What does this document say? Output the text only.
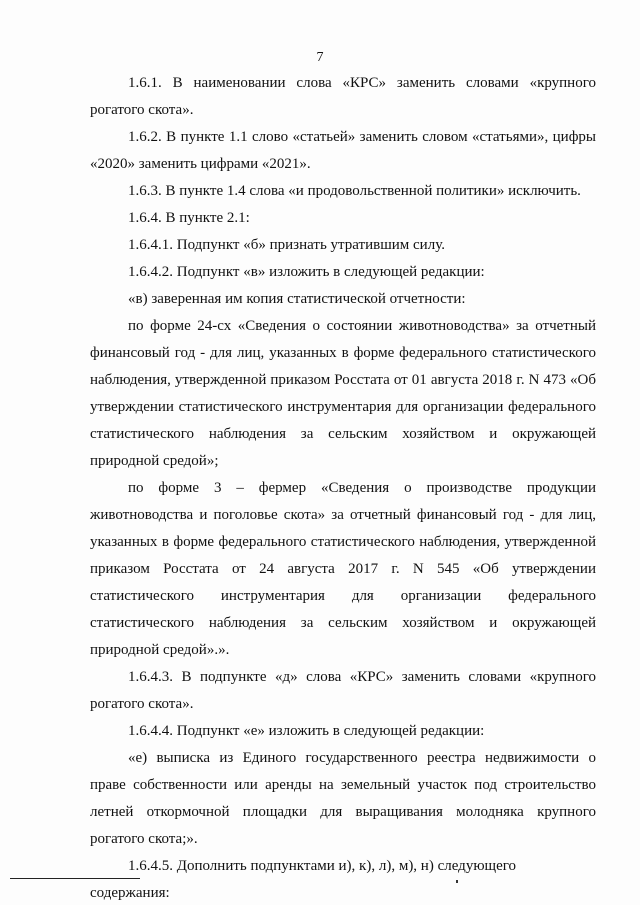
7

1.6.1. В наименовании слова «КРС» заменить словами «крупного рогатого скота».

1.6.2. В пункте 1.1 слово «статьей» заменить словом «статьями», цифры «2020» заменить цифрами «2021».

1.6.3. В пункте 1.4 слова «и продовольственной политики» исключить.

1.6.4. В пункте 2.1:

1.6.4.1. Подпункт «б» признать утратившим силу.

1.6.4.2. Подпункт «в» изложить в следующей редакции:

«в) заверенная им копия статистической отчетности:

по форме 24-сх «Сведения о состоянии животноводства» за отчетный финансовый год - для лиц, указанных в форме федерального статистического наблюдения, утвержденной приказом Росстата от 01 августа 2018 г. N 473 «Об утверждении статистического инструментария для организации федерального статистического наблюдения за сельским хозяйством и окружающей природной средой»;

по форме 3 – фермер «Сведения о производстве продукции животноводства и поголовье скота» за отчетный финансовый год - для лиц, указанных в форме федерального статистического наблюдения, утвержденной приказом Росстата от 24 августа 2017 г. N 545 «Об утверждении статистического инструментария для организации федерального статистического наблюдения за сельским хозяйством и окружающей природной средой».».

1.6.4.3. В подпункте «д» слова «КРС» заменить словами «крупного рогатого скота».

1.6.4.4. Подпункт «е» изложить в следующей редакции:

«е) выписка из Единого государственного реестра недвижимости о праве собственности или аренды на земельный участок под строительство летней откормочной площадки для выращивания молодняка крупного рогатого скота;».

1.6.4.5. Дополнить подпунктами и), к), л), м), н) следующего содержания:
